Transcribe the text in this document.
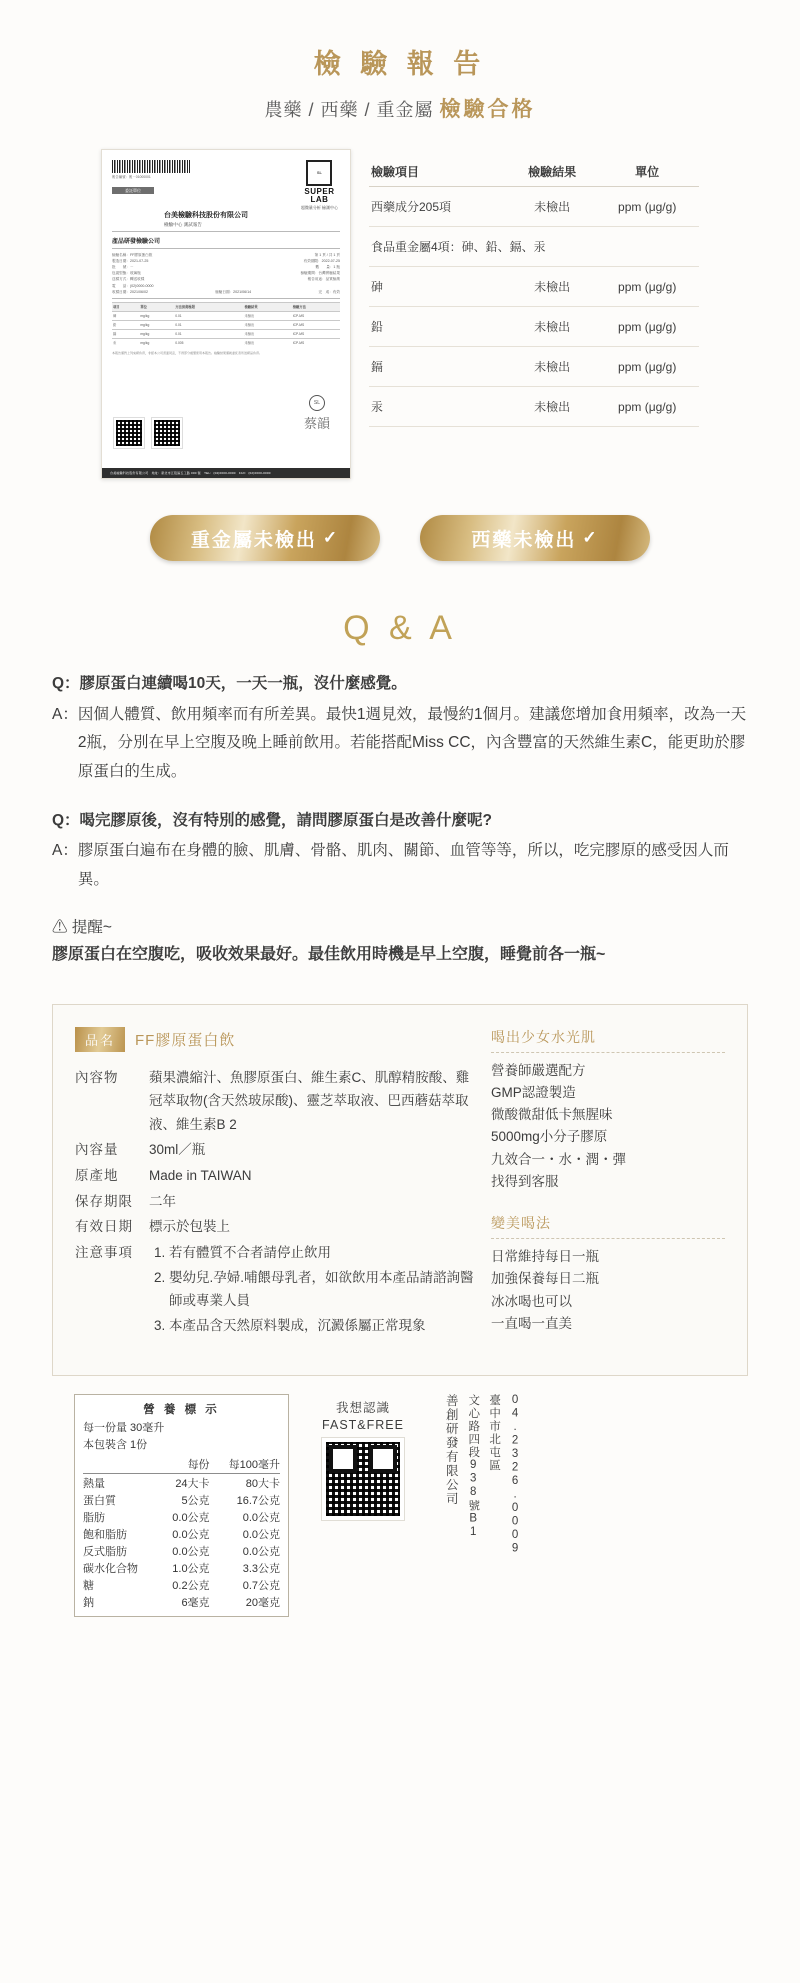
檢 驗 報 告
農藥 / 西藥 / 重金屬 檢驗合格
報告編號：報－01000001
SL
SUPER
LAB
超微量分析 檢測中心
委託單位
台美檢驗科技股份有限公司
檢驗中心 測試報告
產品研發檢驗公司
檢驗名稱：FF膠原蛋白飲	第 1 頁 / 共 1 頁
製造日期：2021-07-25	有效期限：2022-07-25
批　　號：－	數　　量：1 瓶
包裝型態：玻璃瓶	檢驗期間：台灣實驗結果
送樣方式：轉送收樣	報告用途：品質檢測
電　　話：(02)0000-0000
收樣日期：2021/06/02	檢驗日期：2021/06/14	完　成：有效
項目	單位	方法偵測極限	檢驗結果	檢驗方法
砷	mg/kg	0.01	未檢出	ICP-MS
鉛	mg/kg	0.01	未檢出	ICP-MS
鎘	mg/kg	0.01	未檢出	ICP-MS
汞	mg/kg	0.005	未檢出	ICP-MS
本報告僅對上列來樣負責，非經本公司書面同意，不得部分複製使用本報告。檢驗結果僅就委託者所送樣品負責。
SL
蔡韻
台美檢驗科技股份有限公司　地址：新北市五股區五工路 000 號　TEL：(02)0000-0000　FAX：(02)0000-0000
檢驗項目	檢驗結果	單位
西藥成分205項	未檢出	ppm (μg/g)
食品重金屬4項：砷、鉛、鎘、汞		
砷	未檢出	ppm (μg/g)
鉛	未檢出	ppm (μg/g)
鎘	未檢出	ppm (μg/g)
汞	未檢出	ppm (μg/g)
重金屬未檢出 ✓	西藥未檢出 ✓
Q & A
Q：膠原蛋白連續喝10天，一天一瓶，沒什麼感覺。
A： 因個人體質、飲用頻率而有所差異。最快1週見效，最慢約1個月。建議您增加食用頻率，改為一天2瓶，分別在早上空腹及晚上睡前飲用。若能搭配Miss CC，內含豐富的天然維生素C，能更助於膠原蛋白的生成。
Q：喝完膠原後，沒有特別的感覺，請問膠原蛋白是改善什麼呢?
A： 膠原蛋白遍布在身體的臉、肌膚、骨骼、肌肉、關節、血管等等，所以，吃完膠原的感受因人而異。
⚠ 提醒~
膠原蛋白在空腹吃，吸收效果最好。最佳飲用時機是早上空腹，睡覺前各一瓶~
品名	FF膠原蛋白飲
內容物	蘋果濃縮汁、魚膠原蛋白、維生素C、肌醇精胺酸、雞冠萃取物(含天然玻尿酸)、靈芝萃取液、巴西蘑菇萃取液、維生素B 2
內容量	30ml／瓶
原產地	Made in TAIWAN
保存期限	二年
有效日期	標示於包裝上
注意事項	1. 若有體質不合者請停止飲用
2. 嬰幼兒.孕婦.哺餵母乳者，如欲飲用本產品請諮詢醫師或專業人員
3. 本產品含天然原料製成，沉澱係屬正常現象
喝出少女水光肌
營養師嚴選配方
GMP認證製造
微酸微甜低卡無腥味
5000mg小分子膠原
九效合一・水・潤・彈
找得到客服
變美喝法
日常維持每日一瓶
加強保養每日二瓶
冰冰喝也可以
一直喝一直美
營 養 標 示
每一份量 30毫升
本包裝含 1份
	每份	每100毫升
熱量	24大卡	80大卡
蛋白質	5公克	16.7公克
脂肪	0.0公克	0.0公克
飽和脂肪	0.0公克	0.0公克
反式脂肪	0.0公克	0.0公克
碳水化合物	1.0公克	3.3公克
糖	0.2公克	0.7公克
鈉	6毫克	20毫克
我想認識
FAST&FREE	善創研發有限公司 文心路四段938號B1 臺中市北屯區 04.2326.0009
